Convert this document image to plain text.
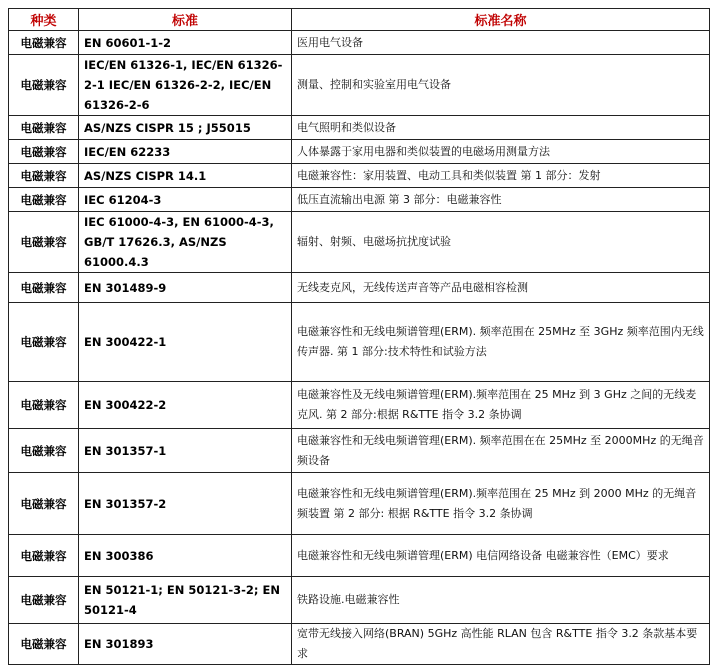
种类	标准	标准名称
电磁兼容	EN 60601-1-2	医用电气设备
电磁兼容	IEC/EN 61326-1, IEC/EN 61326-2-1 IEC/EN 61326-2-2, IEC/EN 61326-2-6	测量、控制和实验室用电气设备
电磁兼容	AS/NZS CISPR 15 ; J55015	电气照明和类似设备
电磁兼容	IEC/EN 62233	人体暴露于家用电器和类似装置的电磁场用测量方法
电磁兼容	AS/NZS CISPR 14.1	电磁兼容性：家用装置、电动工具和类似装置 第 1 部分：发射
电磁兼容	IEC 61204-3	低压直流输出电源 第 3 部分：电磁兼容性
电磁兼容	IEC 61000-4-3, EN 61000-4-3, GB/T 17626.3, AS/NZS 61000.4.3	辐射、射频、电磁场抗扰度试验
电磁兼容	EN 301489-9	无线麦克风，无线传送声音等产品电磁相容检测
电磁兼容	EN 300422-1	电磁兼容性和无线电频谱管理(ERM). 频率范围在 25MHz 至 3GHz 频率范围内无线传声器. 第 1 部分:技术特性和试验方法
电磁兼容	EN 300422-2	电磁兼容性及无线电频谱管理(ERM).频率范围在 25 MHz 到 3 GHz 之间的无线麦克风. 第 2 部分:根据 R&TTE 指令 3.2 条协调
电磁兼容	EN 301357-1	电磁兼容性和无线电频谱管理(ERM). 频率范围在在 25MHz 至 2000MHz 的无绳音频设备
电磁兼容	EN 301357-2	电磁兼容性和无线电频谱管理(ERM).频率范围在 25 MHz 到 2000 MHz 的无绳音频装置 第 2 部分: 根据 R&TTE 指令 3.2 条协调
电磁兼容	EN 300386	电磁兼容性和无线电频谱管理(ERM) 电信网络设备 电磁兼容性（EMC）要求
电磁兼容	EN 50121-1; EN 50121-3-2; EN 50121-4	铁路设施.电磁兼容性
电磁兼容	EN 301893	宽带无线接入网络(BRAN) 5GHz 高性能 RLAN 包含 R&TTE 指令 3.2 条款基本要求
